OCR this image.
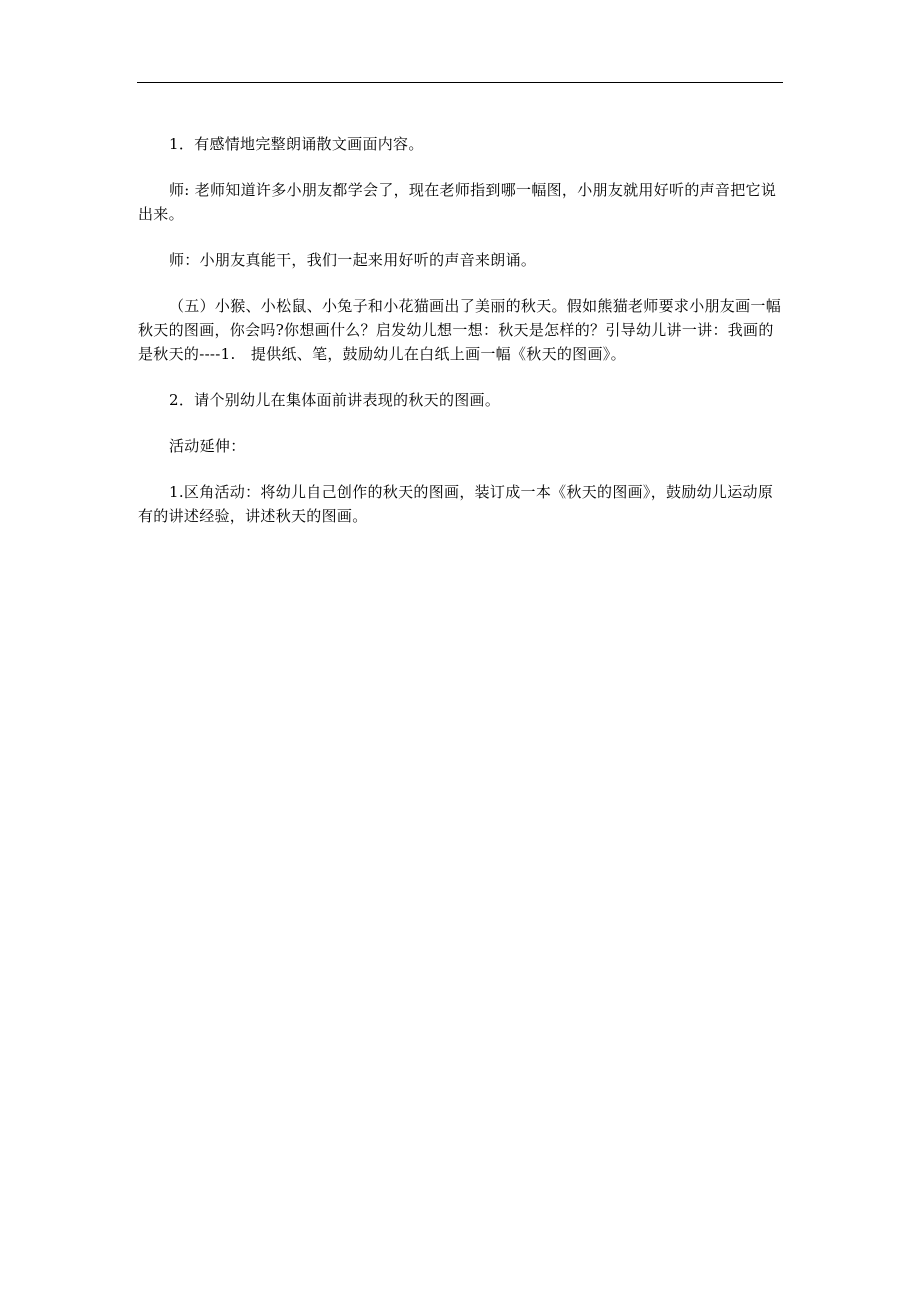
1．有感情地完整朗诵散文画面内容。

师: 老师知道许多小朋友都学会了，现在老师指到哪一幅图，小朋友就用好听的声音把它说出来。

师：小朋友真能干，我们一起来用好听的声音来朗诵。

（五）小猴、小松鼠、小兔子和小花猫画出了美丽的秋天。假如熊猫老师要求小朋友画一幅秋天的图画，你会吗?你想画什么？启发幼儿想一想：秋天是怎样的？引导幼儿讲一讲：我画的是秋天的----1.　提供纸、笔，鼓励幼儿在白纸上画一幅《秋天的图画》。

2．请个别幼儿在集体面前讲表现的秋天的图画。

活动延伸：

1.区角活动：将幼儿自己创作的秋天的图画，装订成一本《秋天的图画》，鼓励幼儿运动原有的讲述经验，讲述秋天的图画。
